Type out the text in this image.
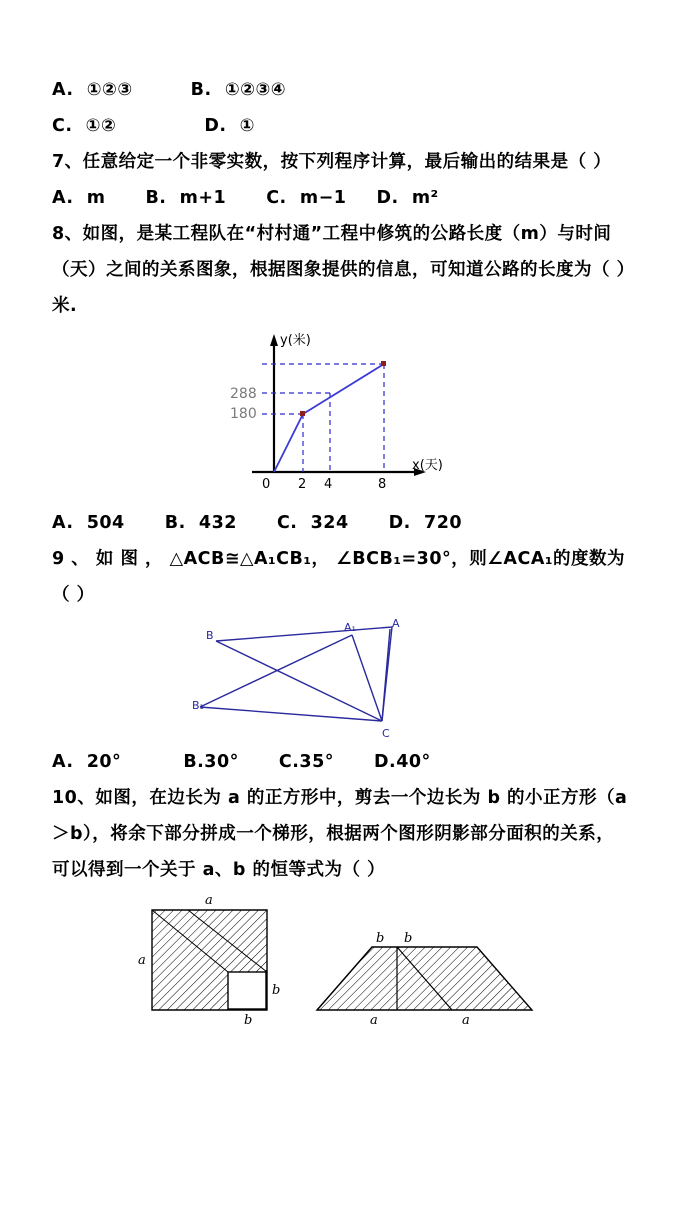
A.  ①②③	B.  ①②③④
C.  ①②	D.  ①
7、任意给定一个非零实数，按下列程序计算，最后输出的结果是（ ）
A.  m B.  m+1 C.  m−1 D.  m²
8、如图，是某工程队在“村村通”工程中修筑的公路长度（m）与时间（天）之间的关系图象，根据图象提供的信息，可知道公路的长度为（ ）米.
y(米)
x(天)
0
288
180
2 4	8
A.  504 B.  432 C.  324 D.  720
9 、 如 图 ， △ACB≅△A₁CB₁， ∠BCB₁=30°，则∠ACA₁的度数为（ ）
B
A₁	A
B₁
C
A.  20°	B.30° C.35° D.40°
10、如图，在边长为 a 的正方形中，剪去一个边长为 b 的小正方形（a＞b），将余下部分拼成一个梯形，根据两个图形阴影部分面积的关系，可以得到一个关于 a、b 的恒等式为（ ）
a
a
b
b
b b
a	a
